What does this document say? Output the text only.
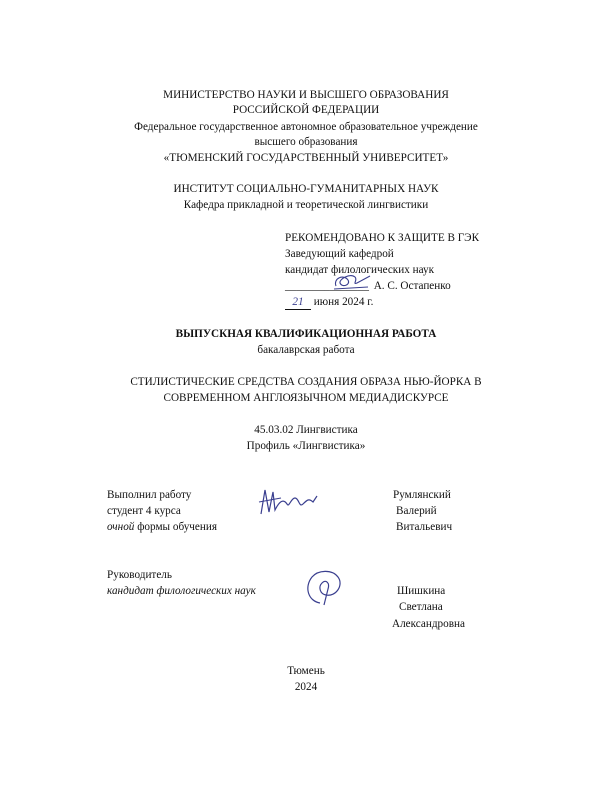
МИНИСТЕРСТВО НАУКИ И ВЫСШЕГО ОБРАЗОВАНИЯ
РОССИЙСКОЙ ФЕДЕРАЦИИ
Федеральное государственное автономное образовательное учреждение
высшего образования
«ТЮМЕНСКИЙ ГОСУДАРСТВЕННЫЙ УНИВЕРСИТЕТ»
ИНСТИТУТ СОЦИАЛЬНО-ГУМАНИТАРНЫХ НАУК
Кафедра прикладной и теоретической лингвистики
РЕКОМЕНДОВАНО К ЗАЩИТЕ В ГЭК
Заведующий кафедрой
кандидат филологических наук
_______________ А. С. Остапенко
21 июня 2024 г.
ВЫПУСКНАЯ КВАЛИФИКАЦИОННАЯ РАБОТА
бакалаврская работа
СТИЛИСТИЧЕСКИЕ СРЕДСТВА СОЗДАНИЯ ОБРАЗА НЬЮ-ЙОРКА В
СОВРЕМЕННОМ АНГЛОЯЗЫЧНОМ МЕДИАДИСКУРСЕ
45.03.02 Лингвистика
Профиль «Лингвистика»
Выполнил работу
студент 4 курса
очной формы обучения
Румлянский
Валерий
Витальевич
Руководитель
кандидат филологических наук	Шишкина
Светлана
Александровна
Тюмень
2024
